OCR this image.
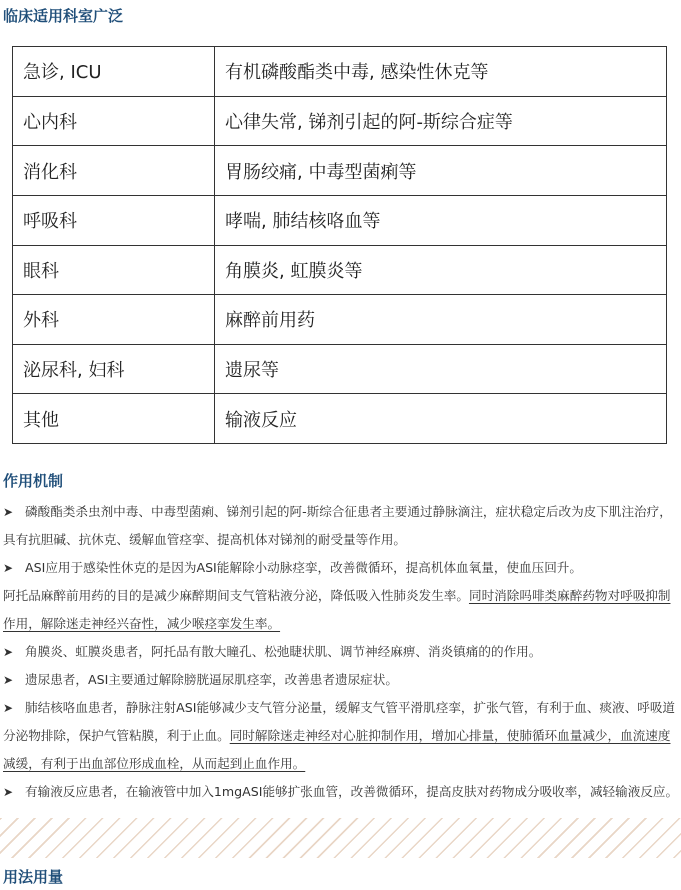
临床适用科室广泛
急诊, ICU	有机磷酸酯类中毒, 感染性休克等
心内科	心律失常, 锑剂引起的阿-斯综合症等
消化科	胃肠绞痛, 中毒型菌痢等
呼吸科	哮喘, 肺结核咯血等
眼科	角膜炎, 虹膜炎等
外科	麻醉前用药
泌尿科, 妇科	遗尿等
其他	输液反应
作用机制

➤ 磷酸酯类杀虫剂中毒、中毒型菌痢、锑剂引起的阿-斯综合征患者主要通过静脉滴注，症状稳定后改为皮下肌注治疗，具有抗胆碱、抗休克、缓解血管痉挛、提高机体对锑剂的耐受量等作用。

➤ ASI应用于感染性休克的是因为ASI能解除小动脉痉挛，改善微循环，提高机体血氧量，使血压回升。

阿托品麻醉前用药的目的是减少麻醉期间支气管粘液分泌，降低吸入性肺炎发生率。同时消除吗啡类麻醉药物对呼吸抑制作用，解除迷走神经兴奋性，减少喉痉挛发生率。

➤ 角膜炎、虹膜炎患者，阿托品有散大瞳孔、松弛睫状肌、调节神经麻痹、消炎镇痛的的作用。

➤ 遗尿患者，ASI主要通过解除膀胱逼尿肌痉挛，改善患者遗尿症状。

➤ 肺结核咯血患者，静脉注射ASI能够减少支气管分泌量，缓解支气管平滑肌痉挛，扩张气管，有利于血、痰液、呼吸道分泌物排除，保护气管粘膜，利于止血。同时解除迷走神经对心脏抑制作用，增加心排量，使肺循环血量减少，血流速度减缓，有利于出血部位形成血栓，从而起到止血作用。

➤ 有输液反应患者，在输液管中加入1mgASI能够扩张血管，改善微循环，提高皮肤对药物成分吸收率，减轻输液反应。

用法用量
